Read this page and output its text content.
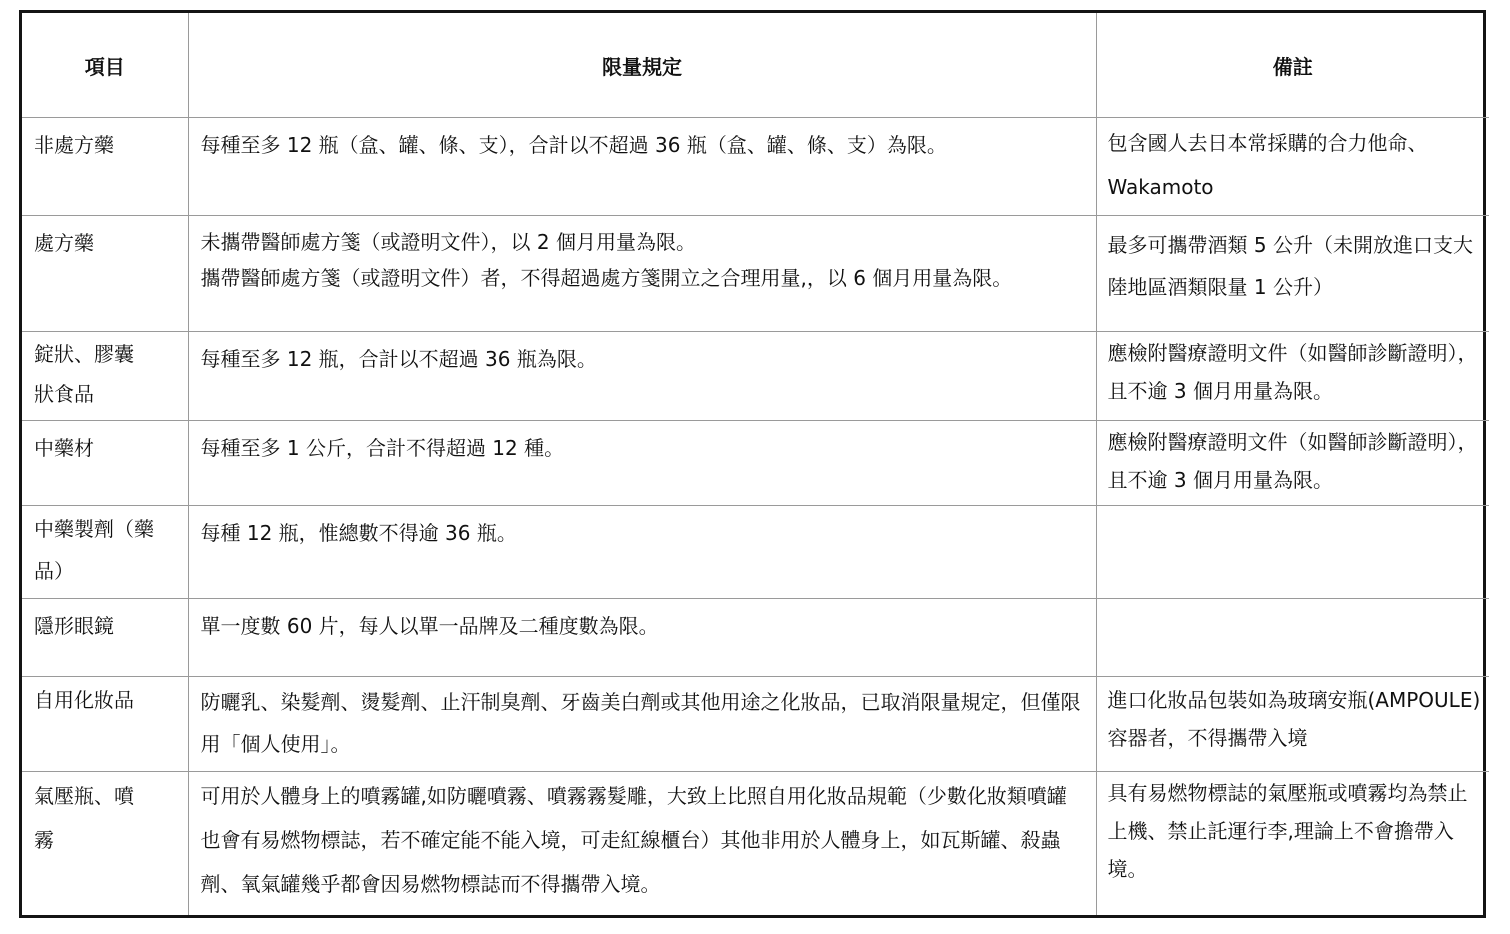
項目	限量規定	備註

非處方藥	每種至多 12 瓶（盒、罐、條、支），合計以不超過 36 瓶（盒、罐、條、支）為限。	包含國人去日本常採購的合力他命、Wakamoto

處方藥	未攜帶醫師處方箋（或證明文件），以 2 個月用量為限。
攜帶醫師處方箋（或證明文件）者，不得超過處方箋開立之合理用量,，以 6 個月用量為限。	最多可攜帶酒類 5 公升（未開放進口支大陸地區酒類限量 1 公升）

錠狀、膠囊狀食品	每種至多 12 瓶，合計以不超過 36 瓶為限。	應檢附醫療證明文件（如醫師診斷證明），且不逾 3 個月用量為限。

中藥材	每種至多 1 公斤，合計不得超過 12 種。	應檢附醫療證明文件（如醫師診斷證明），且不逾 3 個月用量為限。

中藥製劑（藥品）	每種 12 瓶，惟總數不得逾 36 瓶。	

隱形眼鏡	單一度數 60 片，每人以單一品牌及二種度數為限。	

自用化妝品	防曬乳、染髮劑、燙髮劑、止汗制臭劑、牙齒美白劑或其他用途之化妝品，已取消限量規定，但僅限用「個人使用」。	進口化妝品包裝如為玻璃安瓶(AMPOULE)容器者，不得攜帶入境

氣壓瓶、噴霧	可用於人體身上的噴霧罐,如防曬噴霧、噴霧霧髮雕，大致上比照自用化妝品規範（少數化妝類噴罐也會有易燃物標誌，若不確定能不能入境，可走紅線櫃台）其他非用於人體身上，如瓦斯罐、殺蟲劑、氧氣罐幾乎都會因易燃物標誌而不得攜帶入境。	具有易燃物標誌的氣壓瓶或噴霧均為禁止上機、禁止託運行李,理論上不會擔帶入境。
